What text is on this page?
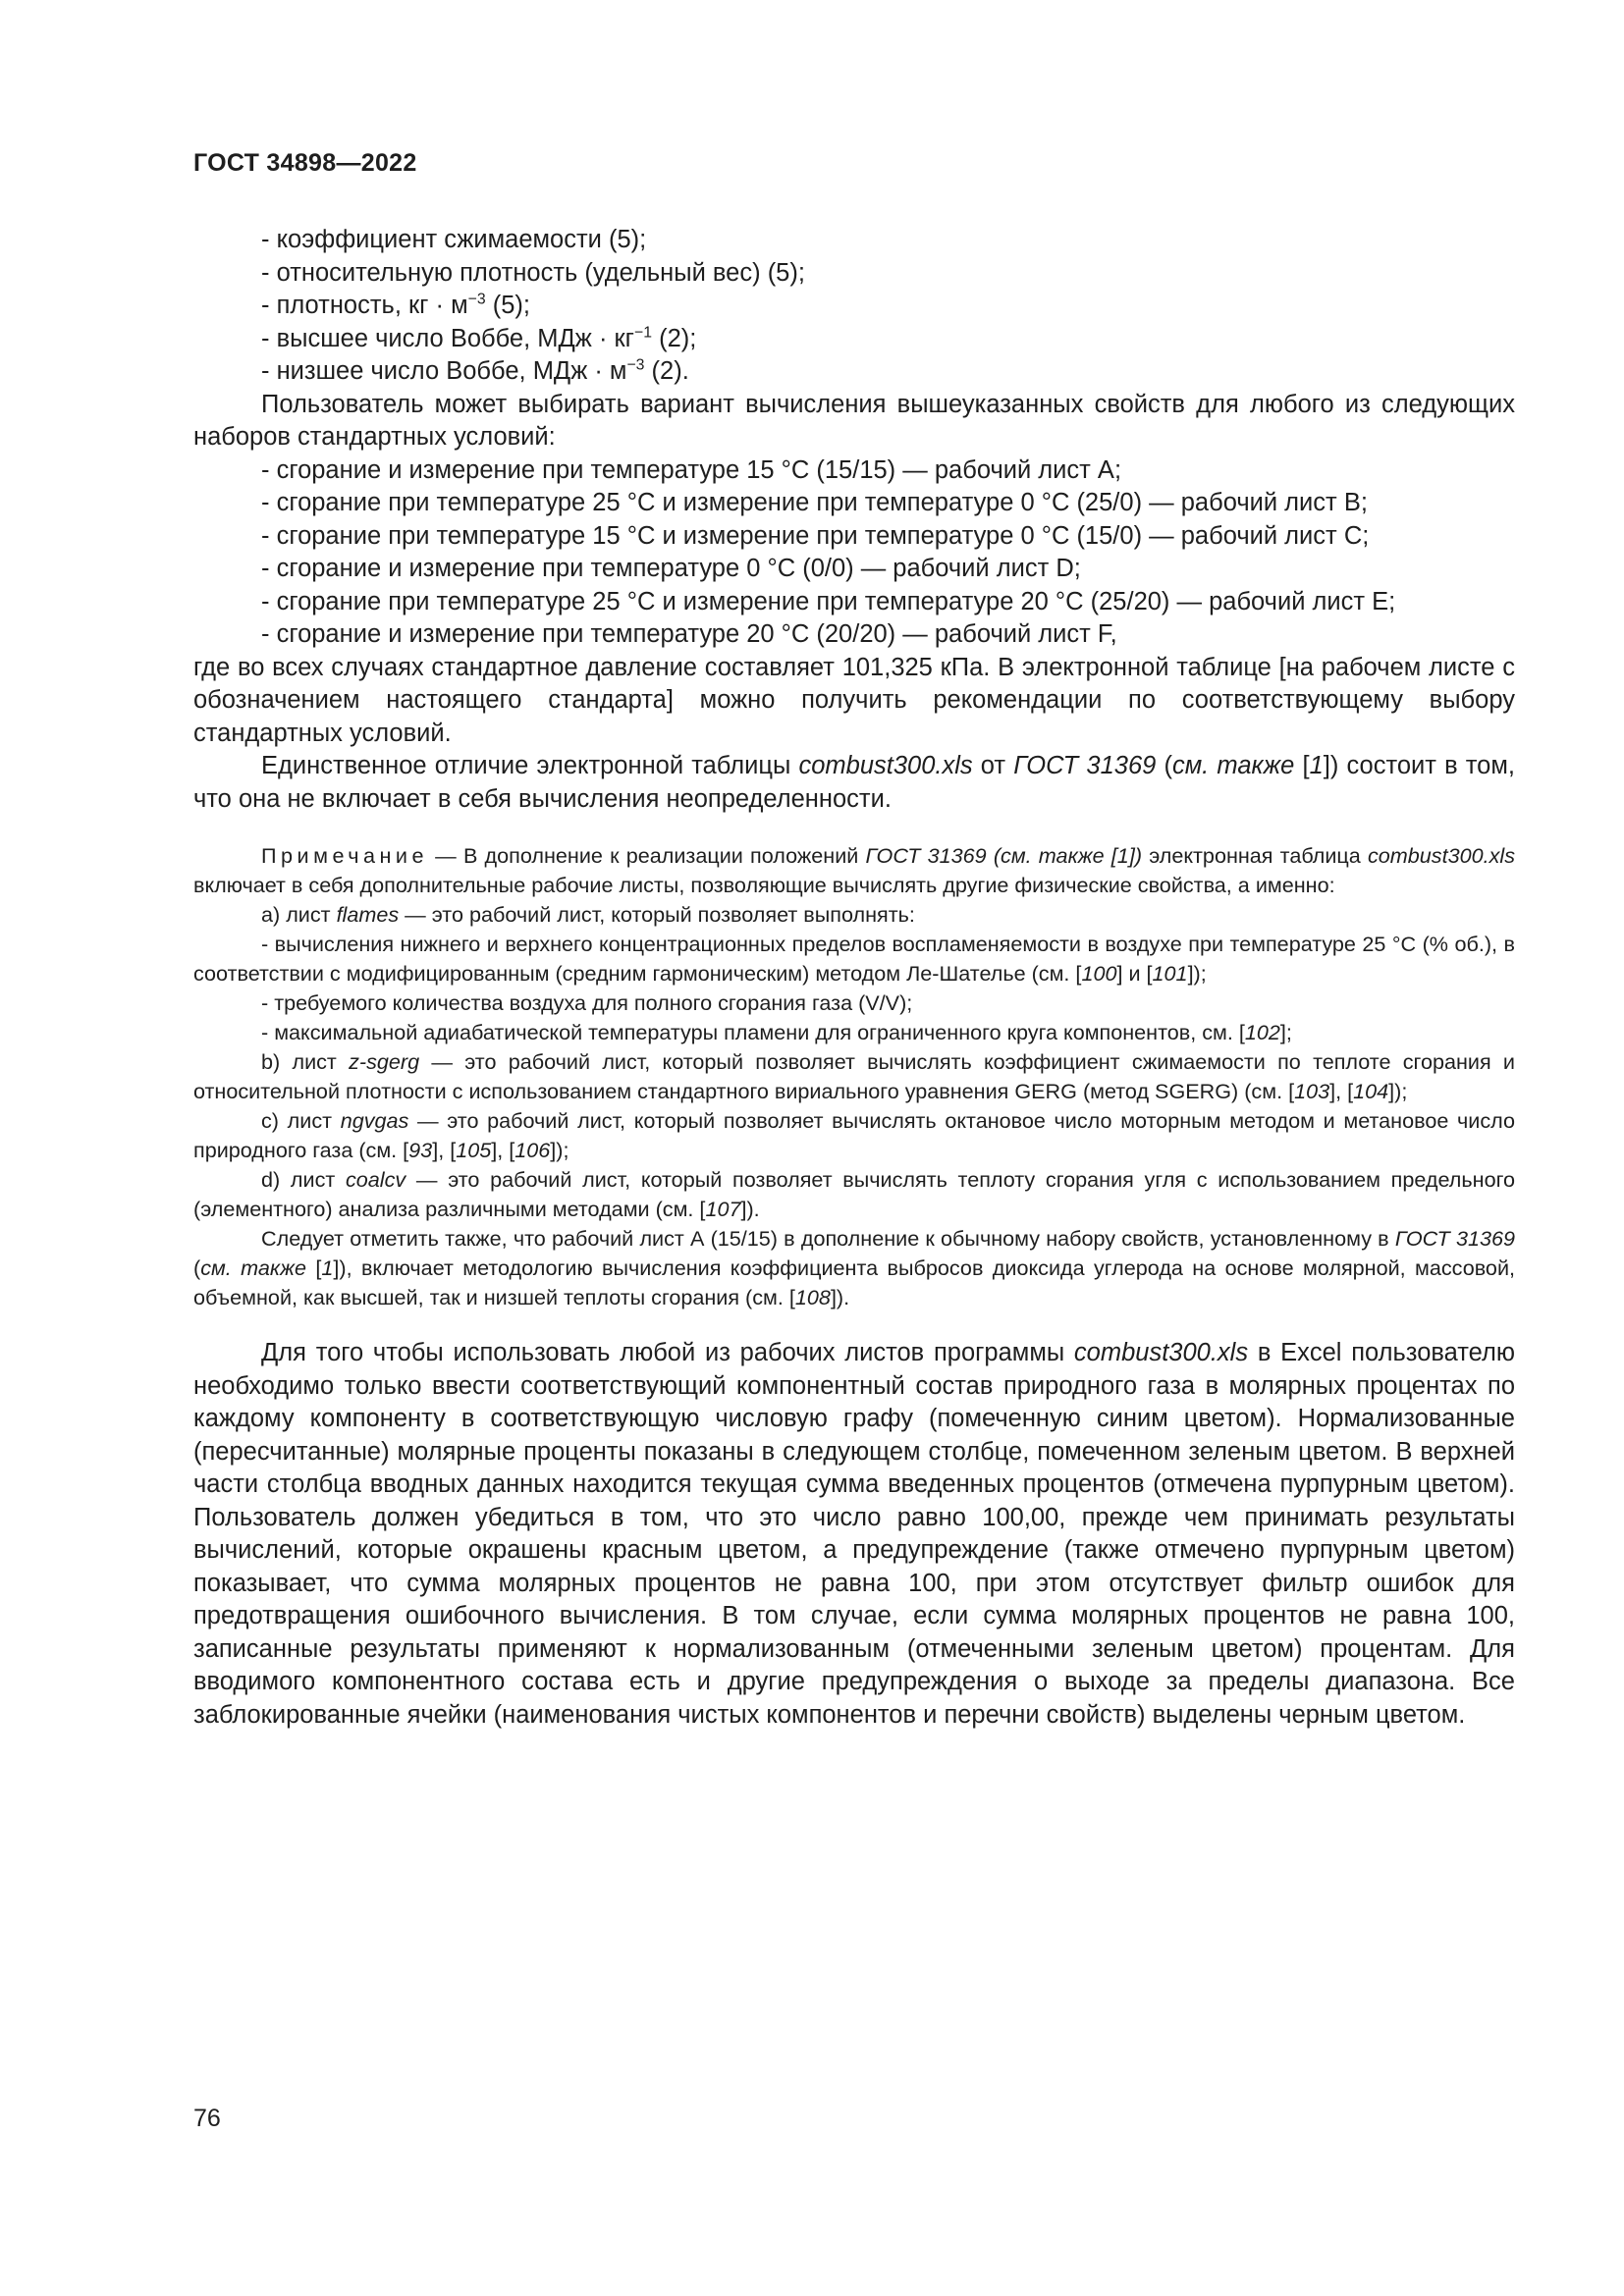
ГОСТ 34898—2022
- коэффициент сжимаемости (5);
- относительную плотность (удельный вес) (5);
- плотность, кг · $м^{-3}$ (5);
- высшее число Воббе, МДж · $кг^{-1}$ (2);
- низшее число Воббе, МДж · $м^{-3}$ (2).

Пользователь может выбирать вариант вычисления вышеуказанных свойств для любого из следующих наборов стандартных условий:

- сгорание и измерение при температуре 15 °С (15/15) — рабочий лист А;
- сгорание при температуре 25 °С и измерение при температуре 0 °С (25/0) — рабочий лист В;
- сгорание при температуре 15 °С и измерение при температуре 0 °С (15/0) — рабочий лист С;
- сгорание и измерение при температуре 0 °С (0/0) — рабочий лист D;
- сгорание при температуре 25 °С и измерение при температуре 20 °С (25/20) — рабочий лист Е;
- сгорание и измерение при температуре 20 °С (20/20) — рабочий лист F,

где во всех случаях стандартное давление составляет 101,325 кПа. В электронной таблице [на рабочем листе с обозначением настоящего стандарта] можно получить рекомендации по соответствующему выбору стандартных условий.

Единственное отличие электронной таблицы combust300.xls от ГОСТ 31369 (см. также [1]) состоит в том, что она не включает в себя вычисления неопределенности.

Примечание — В дополнение к реализации положений ГОСТ 31369 (см. также [1]) электронная таблица combust300.xls включает в себя дополнительные рабочие листы, позволяющие вычислять другие физические свойства, а именно:

а) лист flames — это рабочий лист, который позволяет выполнять:

- вычисления нижнего и верхнего концентрационных пределов воспламеняемости в воздухе при температуре 25 °С (% об.), в соответствии с модифицированным (средним гармоническим) методом Ле-Шателье (см. [100] и [101]);

- требуемого количества воздуха для полного сгорания газа (V/V);
- максимальной адиабатической температуры пламени для ограниченного круга компонентов, см. [102];

b) лист z-sgerg — это рабочий лист, который позволяет вычислять коэффициент сжимаемости по теплоте сгорания и относительной плотности с использованием стандартного вириального уравнения GERG (метод SGERG) (см. [103], [104]);

c) лист ngvgas — это рабочий лист, который позволяет вычислять октановое число моторным методом и метановое число природного газа (см. [93], [105], [106]);

d) лист coalcv — это рабочий лист, который позволяет вычислять теплоту сгорания угля с использованием предельного (элементного) анализа различными методами (см. [107]).

Следует отметить также, что рабочий лист А (15/15) в дополнение к обычному набору свойств, установленному в ГОСТ 31369 (см. также [1]), включает методологию вычисления коэффициента выбросов диоксида углерода на основе молярной, массовой, объемной, как высшей, так и низшей теплоты сгорания (см. [108]).

Для того чтобы использовать любой из рабочих листов программы combust300.xls в Excel пользователю необходимо только ввести соответствующий компонентный состав природного газа в молярных процентах по каждому компоненту в соответствующую числовую графу (помеченную синим цветом). Нормализованные (пересчитанные) молярные проценты показаны в следующем столбце, помеченном зеленым цветом. В верхней части столбца вводных данных находится текущая сумма введенных процентов (отмечена пурпурным цветом). Пользователь должен убедиться в том, что это число равно 100,00, прежде чем принимать результаты вычислений, которые окрашены красным цветом, а предупреждение (также отмечено пурпурным цветом) показывает, что сумма молярных процентов не равна 100, при этом отсутствует фильтр ошибок для предотвращения ошибочного вычисления. В том случае, если сумма молярных процентов не равна 100, записанные результаты применяют к нормализованным (отмеченными зеленым цветом) процентам. Для вводимого компонентного состава есть и другие предупреждения о выходе за пределы диапазона. Все заблокированные ячейки (наименования чистых компонентов и перечни свойств) выделены черным цветом.

76
